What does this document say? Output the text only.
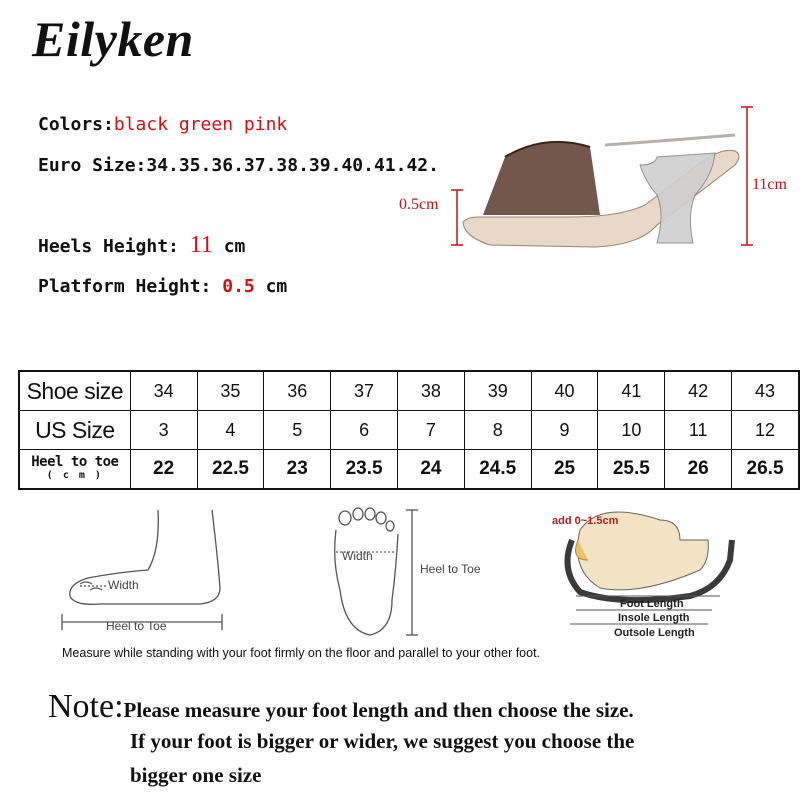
Eilyken
Colors:black green pink
Euro Size:34.35.36.37.38.39.40.41.42.
Heels Height: 11 cm
Platform Height: 0.5 cm
0.5cm
11cm
Shoe size	34	35	36	37	38	39	40	41	42	43
US Size	3	4	5	6	7	8	9	10	11	12

Heel to toe
( c m )	22	22.5	23	23.5	24	24.5	25	25.5	26	26.5
Width
Heel to Toe
Width
Heel to Toe
add 0~1.5cm
Foot Length
Insole Length
Outsole Length
Measure while standing with your foot firmly on the floor and parallel to your other foot.
Note:Please measure your foot length and then choose the size.
If your foot is bigger or wider, we suggest you choose the
bigger one size
